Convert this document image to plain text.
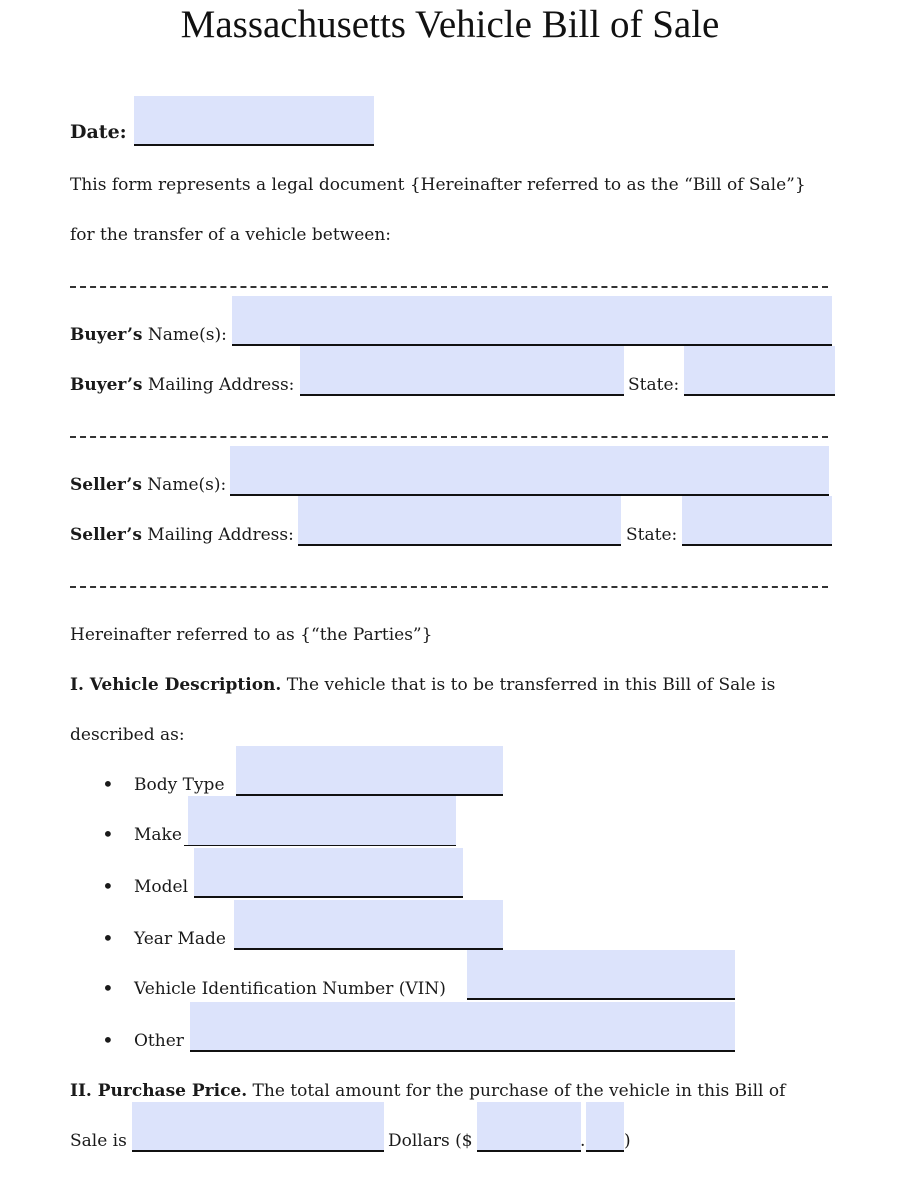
Massachusetts Vehicle Bill of Sale
Date:
This form represents a legal document {Hereinafter referred to as the “Bill of Sale”}
for the transfer of a vehicle between:
Buyer’s Name(s):
Buyer’s Mailing Address:	State:
Seller’s Name(s):
Seller’s Mailing Address:	State:
Hereinafter referred to as {“the Parties”}
I. Vehicle Description. The vehicle that is to be transferred in this Bill of Sale is
described as:
• Body Type
• Make
• Model
• Year Made
• Vehicle Identification Number (VIN)
• Other
II. Purchase Price. The total amount for the purchase of the vehicle in this Bill of
Sale is	Dollars ($	. )
